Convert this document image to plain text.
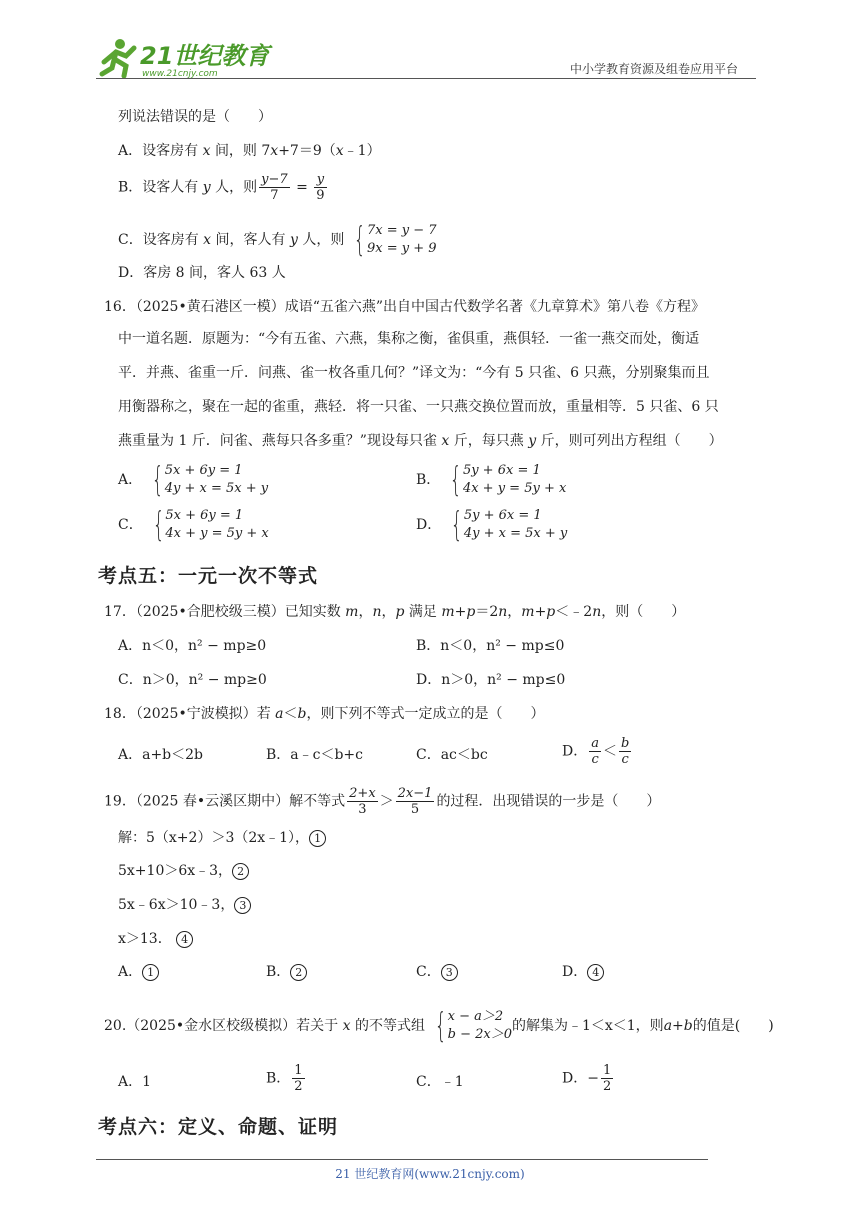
21世纪教育
www.21cnjy.com	中小学教育资源及组卷应用平台
列说法错误的是（　　）
A．设客房有 x 间，则 7x+7＝9（x﹣1）
B．设客人有 y 人，则 $\frac{y-7}{7} = \frac{y}{9}$
C．设客房有 x 间，客人有 y 人，则 { 7x = y − 7
9x = y + 9
D．客房 8 间，客人 63 人
16．（2025•黄石港区一模）成语“五雀六燕”出自中国古代数学名著《九章算术》第八卷《方程》
中一道名题．原题为：“今有五雀、六燕，集称之衡，雀俱重，燕俱轻．一雀一燕交而处，衡适
平．并燕、雀重一斤．问燕、雀一枚各重几何？”译文为：“今有 5 只雀、6 只燕，分别聚集而且
用衡器称之，聚在一起的雀重，燕轻．将一只雀、一只燕交换位置而放，重量相等．5 只雀、6 只
燕重量为 1 斤．问雀、燕每只各多重？”现设每只雀 x 斤，每只燕 y 斤，则可列出方程组（　　）
A． { 5x + 6y = 1
4y + x = 5x + y
B． { 5y + 6x = 1
4x + y = 5y + x
C． { 5x + 6y = 1
4x + y = 5y + x
D． { 5y + 6x = 1
4y + x = 5x + y
考点五：一元一次不等式
17．（2025•合肥校级三模）已知实数 m，n，p 满足 m+p＝2n，m+p＜﹣2n，则（　　）
A．n＜0，n² − mp≥0	B．n＜0，n² − mp≤0
C．n＞0，n² − mp≥0	D．n＞0，n² − mp≤0
18．（2025•宁波模拟）若 a＜b，则下列不等式一定成立的是（　　）
A．a+b＜2b	B．a﹣c＜b+c	C．ac＜bc	D． $\frac{a}{c} < \frac{b}{c}$
19．（2025 春•云溪区期中）解不等式 $\frac{2+x}{3} > \frac{2x-1}{5}$ 的过程．出现错误的一步是（　　）
解：5（x+2）＞3（2x﹣1）， 1
5x+10＞6x﹣3， 2
5x﹣6x＞10﹣3， 3
x＞13． 4
A． 1	B． 2	C． 3	D． 4
20.（2025•金水区校级模拟）若关于 x 的不等式组 { x − a＞2
b − 2x＞0
的解集为﹣1＜x＜1，则a+b的值是(　　)
A．1	B． $\frac{1}{2}$	C．﹣1	D．− $\frac{1}{2}$
考点六：定义、命题、证明
21 世纪教育网(www.21cnjy.com)
